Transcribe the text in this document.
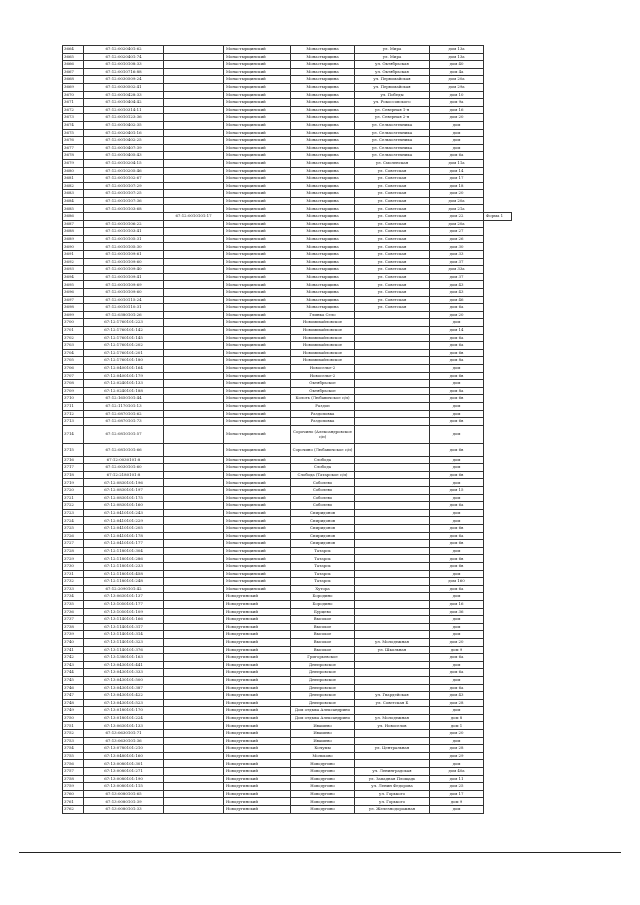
3664	67:12:0020401:62		Монастырщинский	Монастырщина	ул. Мира	дом 13а		
3665	67:12:0020401:74		Монастырщинский	Монастырщина	ул. Мира	дом 13а		
3666	67:12:0010108:33		Монастырщинский	Монастырщина	ул. Октябрьская	дом 40		
3667	67:12:0010716:88		Монастырщинский	Монастырщина	ул. Октябрьская	дом 4а		
3668	67:12:0030509:24		Монастырщинский	Монастырщина	ул. Первомайская	дом 20а		
3669	67:12:0030502:41		Монастырщинский	Монастырщина	ул. Первомайская	дом 29а		
3670	67:12:0010428:33		Монастырщинский	Монастырщина	ул. Победы	дом 10		
3671	67:12:0010404:42		Монастырщинский	Монастырщина	ул. Рокоссовского	дом 9а		
3672	67:12:0010314:11		Монастырщинский	Монастырщина	ул. Северная 1-я	дом 16		
3673	67:12:0010123:36		Монастырщинский	Монастырщина	ул. Северная 2-я	дом 20		
3674	67:12:0010402:35		Монастырщинский	Монастырщина	ул. Сельхозтехника	дом		
3675	67:12:0020401:16		Монастырщинский	Монастырщина	ул. Сельхозтехника	дом		
3676	67:12:0010402:25		Монастырщинский	Монастырщина	ул. Сельхозтехника	дом		
3677	67:12:0010407:39		Монастырщинский	Монастырщина	ул. Сельхозтехника	дом		
3678	67:12:0010405:43		Монастырщинский	Монастырщина	ул. Сельхозтехника	дом 6а		
3679	67:12:0010204:15		Монастырщинский	Монастырщина	ул. Смоленская	дом 11а		
3680	67:12:0010205:46		Монастырщинский	Монастырщина	ул. Советская	дом 14		
3681	67:12:0010102:67		Монастырщинский	Монастырщина	ул. Советская	дом 17		
3682	67:12:0010107:29		Монастырщинский	Монастырщина	ул. Советская	дом 18		
3683	67:12:0010107:25		Монастырщинский	Монастырщина	ул. Советская	дом 20		
3684	67:12:0010107:36		Монастырщинский	Монастырщина	ул. Советская	дом 20а		
3685	67:12:0010103:68		Монастырщинский	Монастырщина	ул. Советская	дом 21а		
3686		67:12:0010101:17	Монастырщинский	Монастырщина	ул. Советская	дом 22	Форма 1	
3687	67:12:0010106:22		Монастырщинский	Монастырщина	ул. Советская	дом 20а		
3688	67:12:0010103:41		Монастырщинский	Монастырщина	ул. Советская	дом 27		
3689	67:12:0010105:31		Монастырщинский	Монастырщина	ул. Советская	дом 26		
3690	67:12:0010105:30		Монастырщинский	Монастырщина	ул. Советская	дом 30		
3691	67:12:0010109:61		Монастырщинский	Монастырщина	ул. Советская	дом 33		
3692	67:12:0010109:60		Монастырщинский	Монастырщина	ул. Советская	дом 37		
3693	67:12:0010109:40		Монастырщинский	Монастырщина	ул. Советская	дом 33а		
3694	67:12:0010109:41		Монастырщинский	Монастырщина	ул. Советская	дом 37		
3695	67:12:0010109:69		Монастырщинский	Монастырщина	ул. Советская	дом 43		
3696	67:12:0010109:60		Монастырщинский	Монастырщина	ул. Советская	дом 43		
3697	67:12:0010115:24		Монастырщинский	Монастырщина	ул. Советская	дом 46		
3698	67:12:0010110:31		Монастырщинский	Монастырщина	ул. Советская	дом 6а		
3699	67:12:0380101:26		Монастырщинский	Глинка Село		дом 20		
3700	67:12:1760101:223		Монастырщинский	Новомихайловское		дом		
3701	67:12:1760101:142		Монастырщинский	Новомихайловское		дом 14		
3702	67:12:1760101:145		Монастырщинский	Новомихайловское		дом 6а		
3703	67:12:1760101:202		Монастырщинский	Новомихайловское		дом 6а		
3704	67:12:1760101:201		Монастырщинский	Новомихайловское		дом 6в		
3705	67:12:1760101:180		Монастырщинский	Новомихайловское		дом 8а		
3706	67:12:0400101:164		Монастырщинский	Новоселье-2		дом		
3707	67:12:0400101:179		Монастырщинский	Новоселье-2		дом 6в		
3708	67:12:0240101:133		Монастырщинский	Октябрьское		дом		
3709	67:12:0240101:188		Монастырщинский	Октябрьское		дом 8а		
3710	67:12:1650101:44		Монастырщинский	Колоть (Любавичское с/п)		дом 6в		
3711	67:12:1170101:13		Монастырщинский	Раздоп		дом		
3712	67:12:0870101:62		Монастырщинский	Раздоповка		дом		
3713	67:12:0870101:73		Монастырщинский	Раздоповка		дом 6в		
3714	67:12:0810101:57		Монастырщинский	Сорочино (Александровское с/п)		дом		
3715	67:12:0810101:66		Монастырщинский	Сорочино (Любавичское с/п)		дом 6в		
3716	67:12:0030101:8		Монастырщинский	Слобода		дом		
3717	67:12:0030101:60		Монастырщинский	Слобода		дом		
3718	67:12:2180101:8		Монастырщинский	Слобода (Татарское с/п)		дом 6в		
3719	67:12:0830101:196		Монастырщинский	Соболево		дом		
3720	67:12:0830101:197		Монастырщинский	Соболево		дом 15		
3721	67:12:0830101:175		Монастырщинский	Соболево		дом		
3722	67:12:0830101:160		Монастырщинский	Соболево		дом 6а		
3723	67:12:0410101:243		Монастырщинский	Спиридонов		дом		
3724	67:12:0410101:229		Монастырщинский	Спиридонов		дом		
3725	67:12:0410101:205		Монастырщинский	Спиридонов		дом 6в		
3726	67:12:0410101:178		Монастырщинский	Спиридонов		дом 6а		
3727	67:12:0410101:177		Монастырщинский	Спиридонов		дом 6в		
3728	67:12:1180101:304		Монастырщинский	Татарск		дом		
3729	67:12:1180101:286		Монастырщинский	Татарск		дом 6в		
3730	67:12:1180101:233		Монастырщинский	Татарск		дом 6в		
3731	67:12:1180101:458		Монастырщинский	Татарск		дом		
3732	67:12:1180101:248		Монастырщинский	Татарск		дом 160		
3733	67:12:2090101:42		Монастырщинский	Хутора		дом 6а		
3734	67:13:0630101:137		Новодугинский	Бородино		дом		
3735	67:13:1050101:177		Новодугинский	Бородино		дом 16		
3736	67:13:1050101:109		Новодугинский	Бурцево		дом 36		
3737	67:13:1140101:166		Новодугинский	Высокое		дом		
3738	67:13:1140101:317		Новодугинский	Высокое		дом		
3739	67:13:1140101:314		Новодугинский	Высокое		дом		
3740	67:13:1140101:323		Новодугинский	Высокое	ул. Молодежная	дом 20		
3741	67:13:1140101:376		Новодугинский	Высокое	ул. Школьная	дом 9		
3742	67:13:1380101:163		Новодугинский	Григорьевское		дом 6а		
3743	67:13:0430101:441		Новодугинский	Днепровское		дом		
3744	67:13:0430101:333		Новодугинский	Днепровское		дом 6а		
3745	67:13:0430101:500		Новодугинский	Днепровское		дом		
3746	67:13:0430101:387		Новодугинский	Днепровское		дом 6а		
3747	67:13:0430101:422		Новодугинский	Днепровское	ул. Гвардейская	дом 43		
3748	67:13:0430101:523		Новодугинский	Днепровское	ул. Советская Б	дом 28		
3749	67:13:0180101:170		Новодугинский	Дом отдыха Александрино		дом		
3750	67:13:0180101:224		Новодугинский	Дом отдыха Александрино	ул. Молодежная	дом 8		
3751	67:13:0630101:133		Новодугинский	Ивашево	ул. Новоселов	дом 1		
3752	67:13:0630101:71		Новодугинский	Ивашево		дом 20		
3753	67:13:0630101:36		Новодугинский	Ивашево		дом		
3754	67:13:0780101:210		Новодугинский	Кочумы	ул. Центральная	дом 28		
3755	67:13:0480101:160		Новодугинский	Мольково		дом 29		
3756	67:13:0080101:301		Новодугинский	Новодугино		дом		
3757	67:13:0080101:271		Новодугинский	Новодугино	ул. Ленинградская	дом 40а		
3758	67:13:0080101:190		Новодугинский	Новодугино	ул. Западная Площадь	дом 11		
3759	67:13:0080101:115		Новодугинский	Новодугино	ул. Ленин Федорова	дом 25		
3760	67:13:0080101:65		Новодугинский	Новодугино	ул. Горького	дом 17		
3761	67:13:0080101:39		Новодугинский	Новодугино	ул. Горького	дом 9		
3762	67:13:0080101:33		Новодугинский	Новодугино	ул. Железнодорожная	дом		
